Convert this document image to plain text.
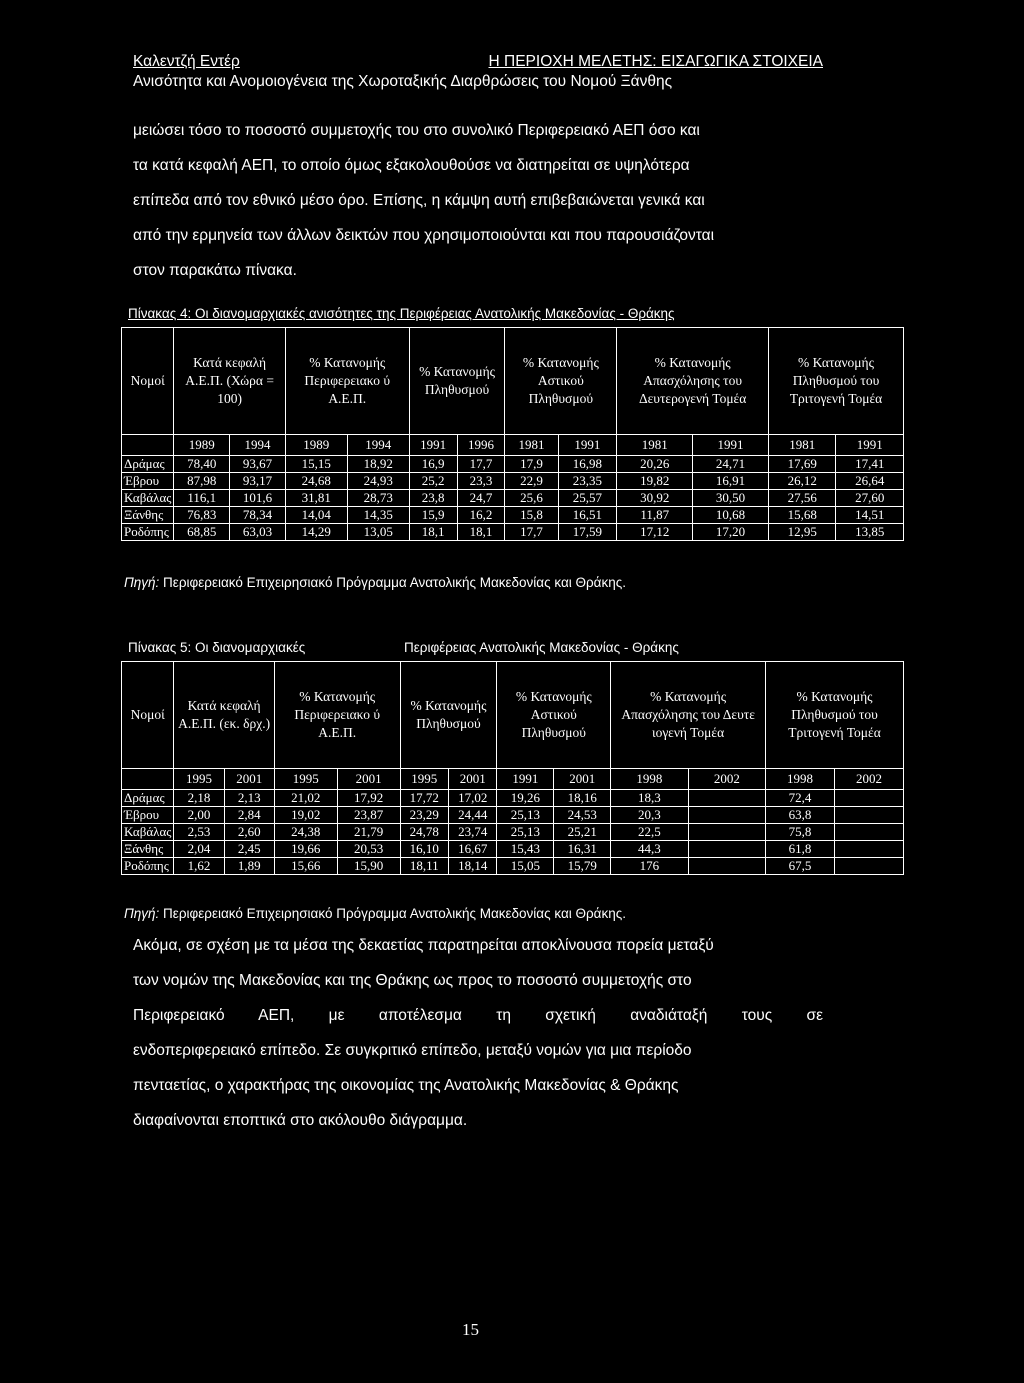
Καλεντζή Εντέρ	Η ΠΕΡΙΟΧΗ ΜΕΛΕΤΗΣ: ΕΙΣΑΓΩΓΙΚΑ ΣΤΟΙΧΕΙΑ
Ανισότητα και Ανομοιογένεια της Χωροταξικής Διαρθρώσεις του Νομού Ξάνθης

μειώσει τόσο το ποσοστό συμμετοχής του στο συνολικό Περιφερειακό ΑΕΠ όσο και

τα κατά κεφαλή ΑΕΠ, το οποίο όμως εξακολουθούσε να διατηρείται σε υψηλότερα

επίπεδα από τον εθνικό μέσο όρο. Επίσης, η κάμψη αυτή επιβεβαιώνεται γενικά και

από την ερμηνεία των άλλων δεικτών που χρησιμοποιούνται και που παρουσιάζονται

στον παρακάτω πίνακα.

Πίνακας 4: Οι διανομαρχιακές ανισότητες της Περιφέρειας Ανατολικής Μακεδονίας - Θράκης
Νομοί	Κατά κεφαλή Α.Ε.Π. (Χώρα = 100)		% Κατανομής Περιφερειακο ύ Α.Ε.Π.		% Κατανομής Πληθυσμού		% Κατανομής Αστικού Πληθυσμού		% Κατανομής Απασχόλησης του Δευτερογενή Τομέα		% Κατανομής Πληθυσμού του Τριτογενή Τομέα	
	1989	1994	1989	1994	1991	1996	1981	1991	1981	1991	1981	1991
Δράμας	78,40	93,67	15,15	18,92	16,9	17,7	17,9	16,98	20,26	24,71	17,69	17,41
Έβρου	87,98	93,17	24,68	24,93	25,2	23,3	22,9	23,35	19,82	16,91	26,12	26,64
Καβάλας	116,1	101,6	31,81	28,73	23,8	24,7	25,6	25,57	30,92	30,50	27,56	27,60
Ξάνθης	76,83	78,34	14,04	14,35	15,9	16,2	15,8	16,51	11,87	10,68	15,68	14,51
Ροδόπης	68,85	63,03	14,29	13,05	18,1	18,1	17,7	17,59	17,12	17,20	12,95	13,85
Πηγή: Περιφερειακό Επιχειρησιακό Πρόγραμμα Ανατολικής Μακεδονίας και Θράκης.
Πίνακας 5: Οι διανομαρχιακές	Περιφέρειας Ανατολικής Μακεδονίας - Θράκης
Νομοί	Κατά κεφαλή Α.Ε.Π. (εκ. δρχ.)		% Κατανομής Περιφερειακο ύ Α.Ε.Π.		% Κατανομής Πληθυσμού		% Κατανομής Αστικού Πληθυσμού		% Κατανομής Απασχόλησης του Δευτε ιογενή Τομέα		% Κατανομής Πληθυσμού του Τριτογενή Τομέα	
	1995	2001	1995	2001	1995	2001	1991	2001	1998	2002	1998	2002
Δράμας	2,18	2,13	21,02	17,92	17,72	17,02	19,26	18,16	18,3		72,4	
Έβρου	2,00	2,84	19,02	23,87	23,29	24,44	25,13	24,53	20,3		63,8	
Καβάλας	2,53	2,60	24,38	21,79	24,78	23,74	25,13	25,21	22,5		75,8	
Ξάνθης	2,04	2,45	19,66	20,53	16,10	16,67	15,43	16,31	44,3		61,8	
Ροδόπης	1,62	1,89	15,66	15,90	18,11	18,14	15,05	15,79	176		67,5	
Πηγή: Περιφερειακό Επιχειρησιακό Πρόγραμμα Ανατολικής Μακεδονίας και Θράκης.

Ακόμα, σε σχέση με τα μέσα της δεκαετίας παρατηρείται αποκλίνουσα πορεία μεταξύ

των νομών της Μακεδονίας και της Θράκης ως προς το ποσοστό συμμετοχής στο

Περιφερειακό ΑΕΠ, με αποτέλεσμα τη σχετική αναδιάταξή τους σε

ενδοπεριφερειακό επίπεδο. Σε συγκριτικό επίπεδο, μεταξύ νομών για μια περίοδο

πενταετίας, ο χαρακτήρας της οικονομίας της Ανατολικής Μακεδονίας & Θράκης

διαφαίνονται εποπτικά στο ακόλουθο διάγραμμα.

15
